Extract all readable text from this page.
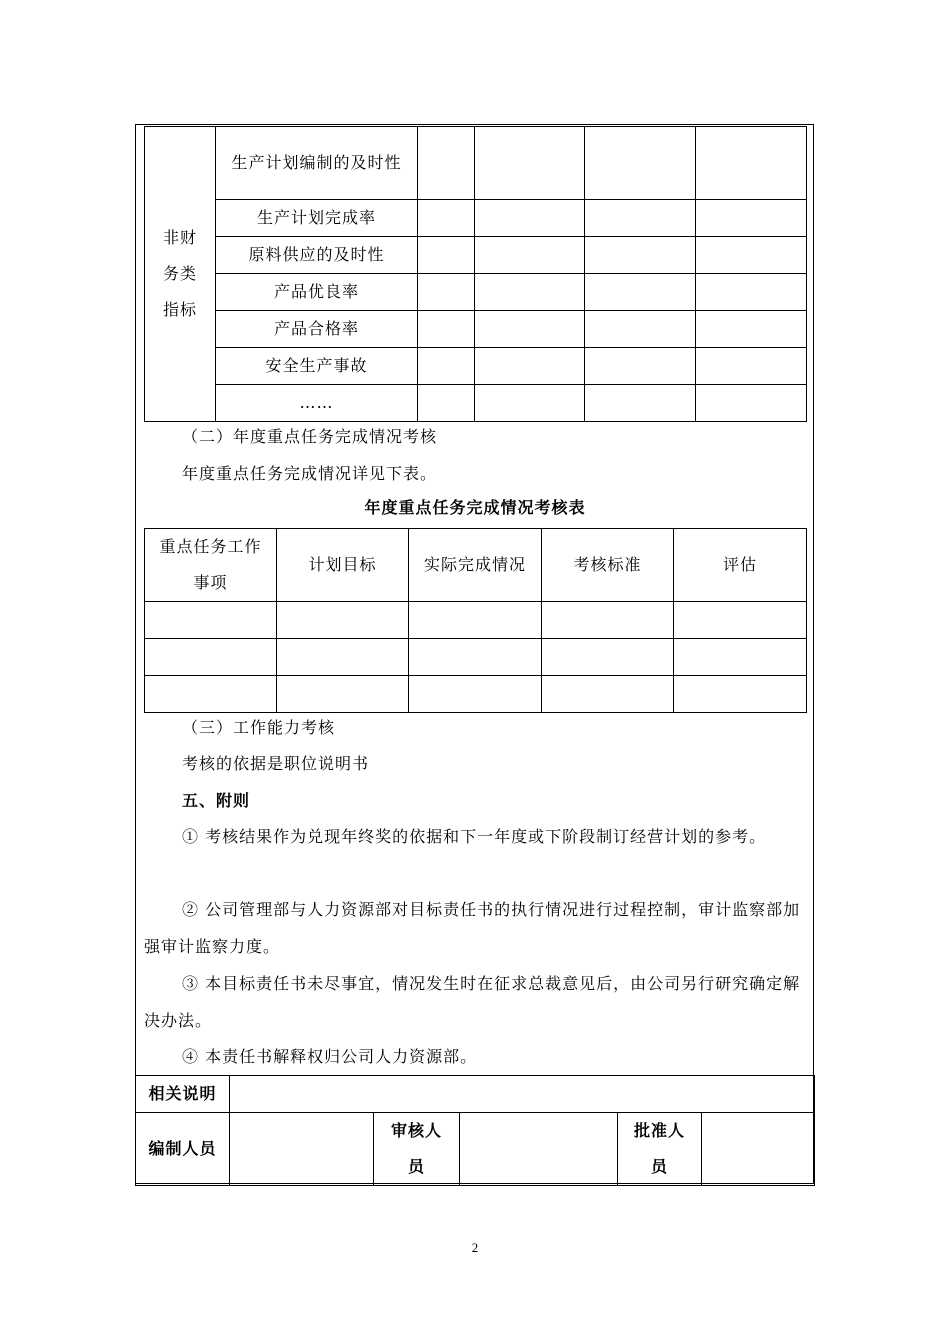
非财务类指标	生产计划编制的及时性				
	生产计划完成率				
	原料供应的及时性				
	产品优良率				
	产品合格率				
	安全生产事故				
	……				

（二）年度重点任务完成情况考核

年度重点任务完成情况详见下表。

年度重点任务完成情况考核表
重点任务工作事项	计划目标	实际完成情况	考核标准	评估

（三）工作能力考核

考核的依据是职位说明书

五、附则

① 考核结果作为兑现年终奖的依据和下一年度或下阶段制订经营计划的参考。

② 公司管理部与人力资源部对目标责任书的执行情况进行过程控制，审计监察部加强审计监察力度。

③ 本目标责任书未尽事宜，情况发生时在征求总裁意见后，由公司另行研究确定解决办法。

④ 本责任书解释权归公司人力资源部。

相关说明					
编制人员		审核人员		批准人员	
2
